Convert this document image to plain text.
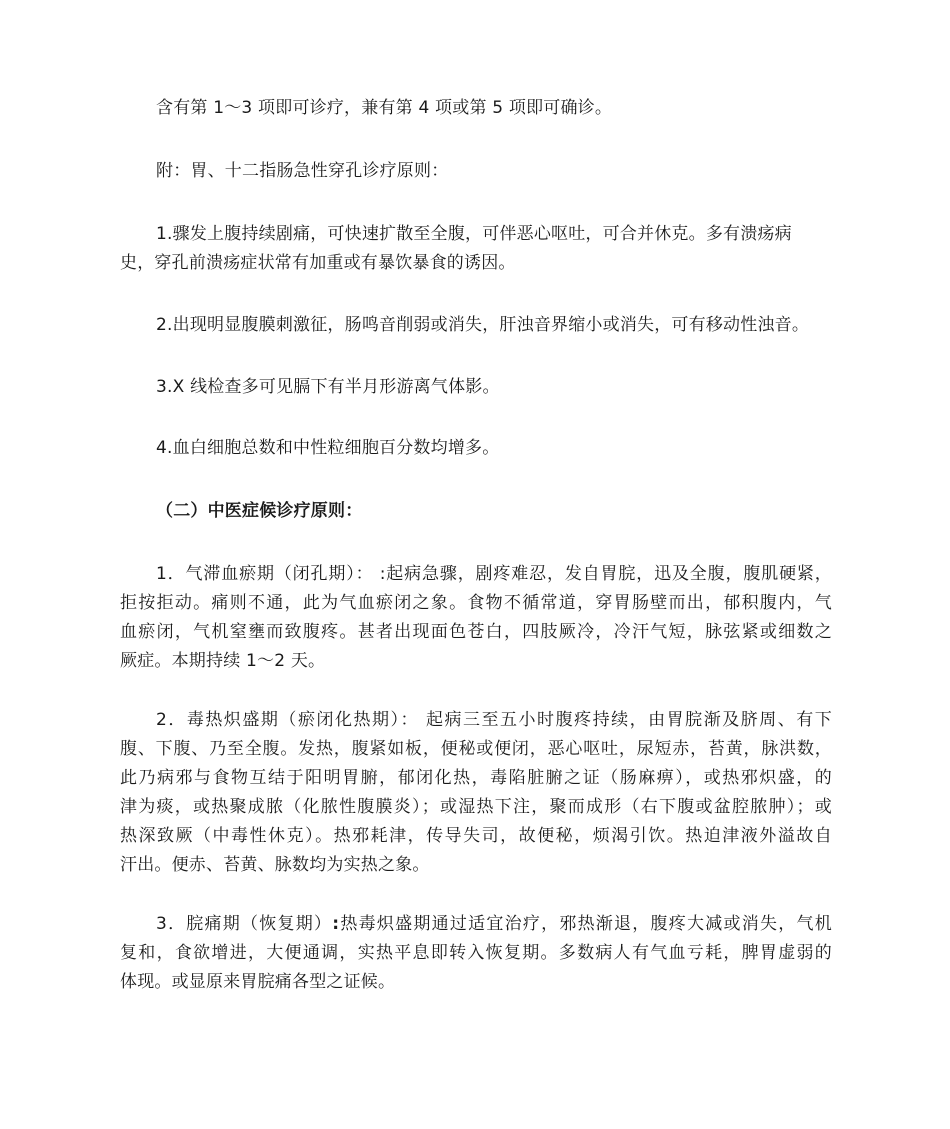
含有第 1～3 项即可诊疗，兼有第 4 项或第 5 项即可确诊。

附：胃、十二指肠急性穿孔诊疗原则：

1.骤发上腹持续剧痛，可快速扩散至全腹，可伴恶心呕吐，可合并休克。多有溃疡病
史，穿孔前溃疡症状常有加重或有暴饮暴食的诱因。

2.出现明显腹膜刺激征，肠鸣音削弱或消失，肝浊音界缩小或消失，可有移动性浊音。

3.X 线检查多可见膈下有半月形游离气体影。

4.血白细胞总数和中性粒细胞百分数均增多。

（二）中医症候诊疗原则：

1．气滞血瘀期（闭孔期）： :起病急骤，剧疼难忍，发自胃脘，迅及全腹，腹肌硬紧，
拒按拒动。痛则不通，此为气血瘀闭之象。食物不循常道，穿胃肠壁而出，郁积腹内，气
血瘀闭，气机窒壅而致腹疼。甚者出现面色苍白，四肢厥冷，冷汗气短，脉弦紧或细数之
厥症。本期持续 1～2 天。

2．毒热炽盛期（瘀闭化热期）： 起病三至五小时腹疼持续，由胃脘渐及脐周、有下
腹、下腹、乃至全腹。发热，腹紧如板，便秘或便闭，恶心呕吐，尿短赤，苔黄，脉洪数，
此乃病邪与食物互结于阳明胃腑，郁闭化热，毒陷脏腑之证（肠麻痹），或热邪炽盛，的
津为痰，或热聚成脓（化脓性腹膜炎）；或湿热下注，聚而成形（右下腹或盆腔脓肿）；或
热深致厥（中毒性休克）。热邪耗津，传导失司，故便秘，烦渴引饮。热迫津液外溢故自
汗出。便赤、苔黄、脉数均为实热之象。

3．脘痛期（恢复期）:热毒炽盛期通过适宜治疗，邪热渐退，腹疼大减或消失，气机
复和，食欲增进，大便通调，实热平息即转入恢复期。多数病人有气血亏耗，脾胃虚弱的
体现。或显原来胃脘痛各型之证候。
